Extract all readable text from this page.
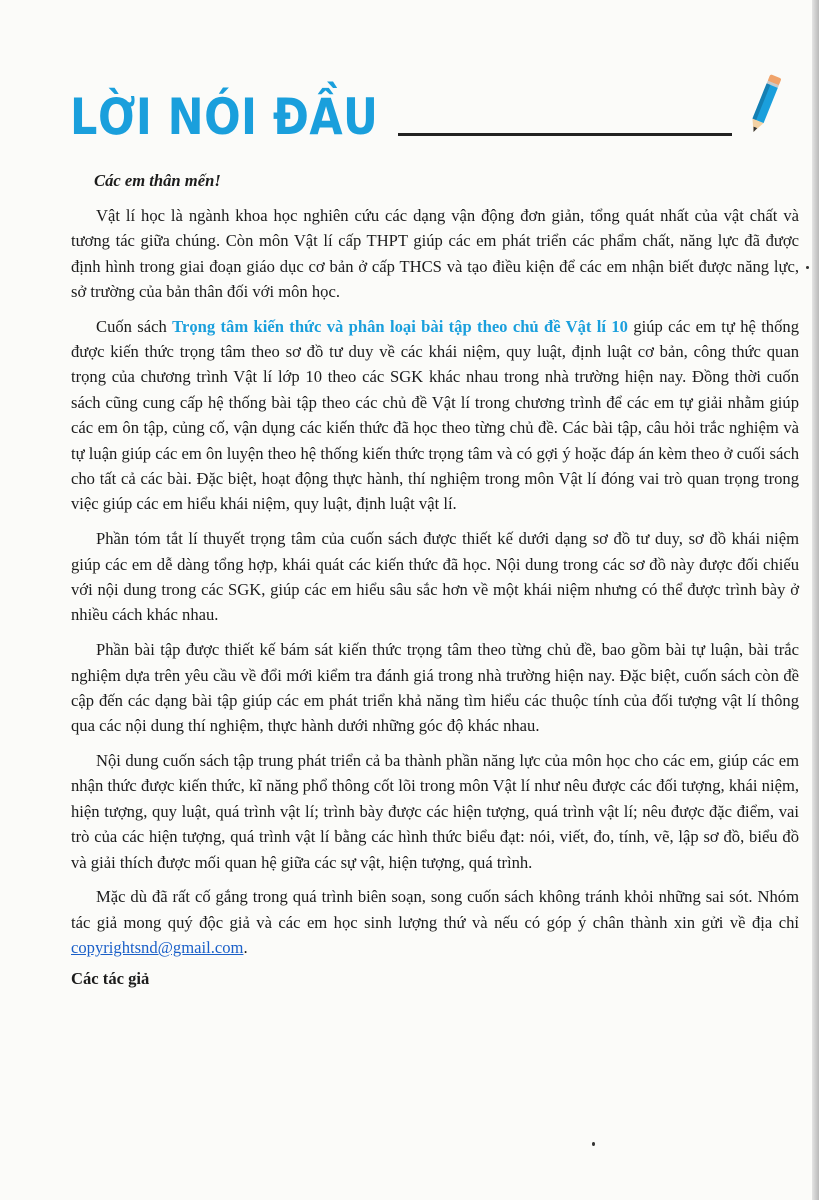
LỜI NÓI ĐẦU

Các em thân mến!

Vật lí học là ngành khoa học nghiên cứu các dạng vận động đơn giản, tổng quát nhất của vật chất và tương tác giữa chúng. Còn môn Vật lí cấp THPT giúp các em phát triển các phẩm chất, năng lực đã được định hình trong giai đoạn giáo dục cơ bản ở cấp THCS và tạo điều kiện để các em nhận biết được năng lực, sở trường của bản thân đối với môn học.

Cuốn sách Trọng tâm kiến thức và phân loại bài tập theo chủ đề Vật lí 10 giúp các em tự hệ thống được kiến thức trọng tâm theo sơ đồ tư duy về các khái niệm, quy luật, định luật cơ bản, công thức quan trọng của chương trình Vật lí lớp 10 theo các SGK khác nhau trong nhà trường hiện nay. Đồng thời cuốn sách cũng cung cấp hệ thống bài tập theo các chủ đề Vật lí trong chương trình để các em tự giải nhằm giúp các em ôn tập, củng cố, vận dụng các kiến thức đã học theo từng chủ đề. Các bài tập, câu hỏi trắc nghiệm và tự luận giúp các em ôn luyện theo hệ thống kiến thức trọng tâm và có gợi ý hoặc đáp án kèm theo ở cuối sách cho tất cả các bài. Đặc biệt, hoạt động thực hành, thí nghiệm trong môn Vật lí đóng vai trò quan trọng trong việc giúp các em hiểu khái niệm, quy luật, định luật vật lí.

Phần tóm tắt lí thuyết trọng tâm của cuốn sách được thiết kế dưới dạng sơ đồ tư duy, sơ đồ khái niệm giúp các em dễ dàng tổng hợp, khái quát các kiến thức đã học. Nội dung trong các sơ đồ này được đối chiếu với nội dung trong các SGK, giúp các em hiểu sâu sắc hơn về một khái niệm nhưng có thể được trình bày ở nhiều cách khác nhau.

Phần bài tập được thiết kế bám sát kiến thức trọng tâm theo từng chủ đề, bao gồm bài tự luận, bài trắc nghiệm dựa trên yêu cầu về đổi mới kiểm tra đánh giá trong nhà trường hiện nay. Đặc biệt, cuốn sách còn đề cập đến các dạng bài tập giúp các em phát triển khả năng tìm hiểu các thuộc tính của đối tượng vật lí thông qua các nội dung thí nghiệm, thực hành dưới những góc độ khác nhau.

Nội dung cuốn sách tập trung phát triển cả ba thành phần năng lực của môn học cho các em, giúp các em nhận thức được kiến thức, kĩ năng phổ thông cốt lõi trong môn Vật lí như nêu được các đối tượng, khái niệm, hiện tượng, quy luật, quá trình vật lí; trình bày được các hiện tượng, quá trình vật lí; nêu được đặc điểm, vai trò của các hiện tượng, quá trình vật lí bằng các hình thức biểu đạt: nói, viết, đo, tính, vẽ, lập sơ đồ, biểu đồ và giải thích được mối quan hệ giữa các sự vật, hiện tượng, quá trình.

Mặc dù đã rất cố gắng trong quá trình biên soạn, song cuốn sách không tránh khỏi những sai sót. Nhóm tác giả mong quý độc giả và các em học sinh lượng thứ và nếu có góp ý chân thành xin gửi về địa chỉ copyrightsnd@gmail.com.

Các tác giả
